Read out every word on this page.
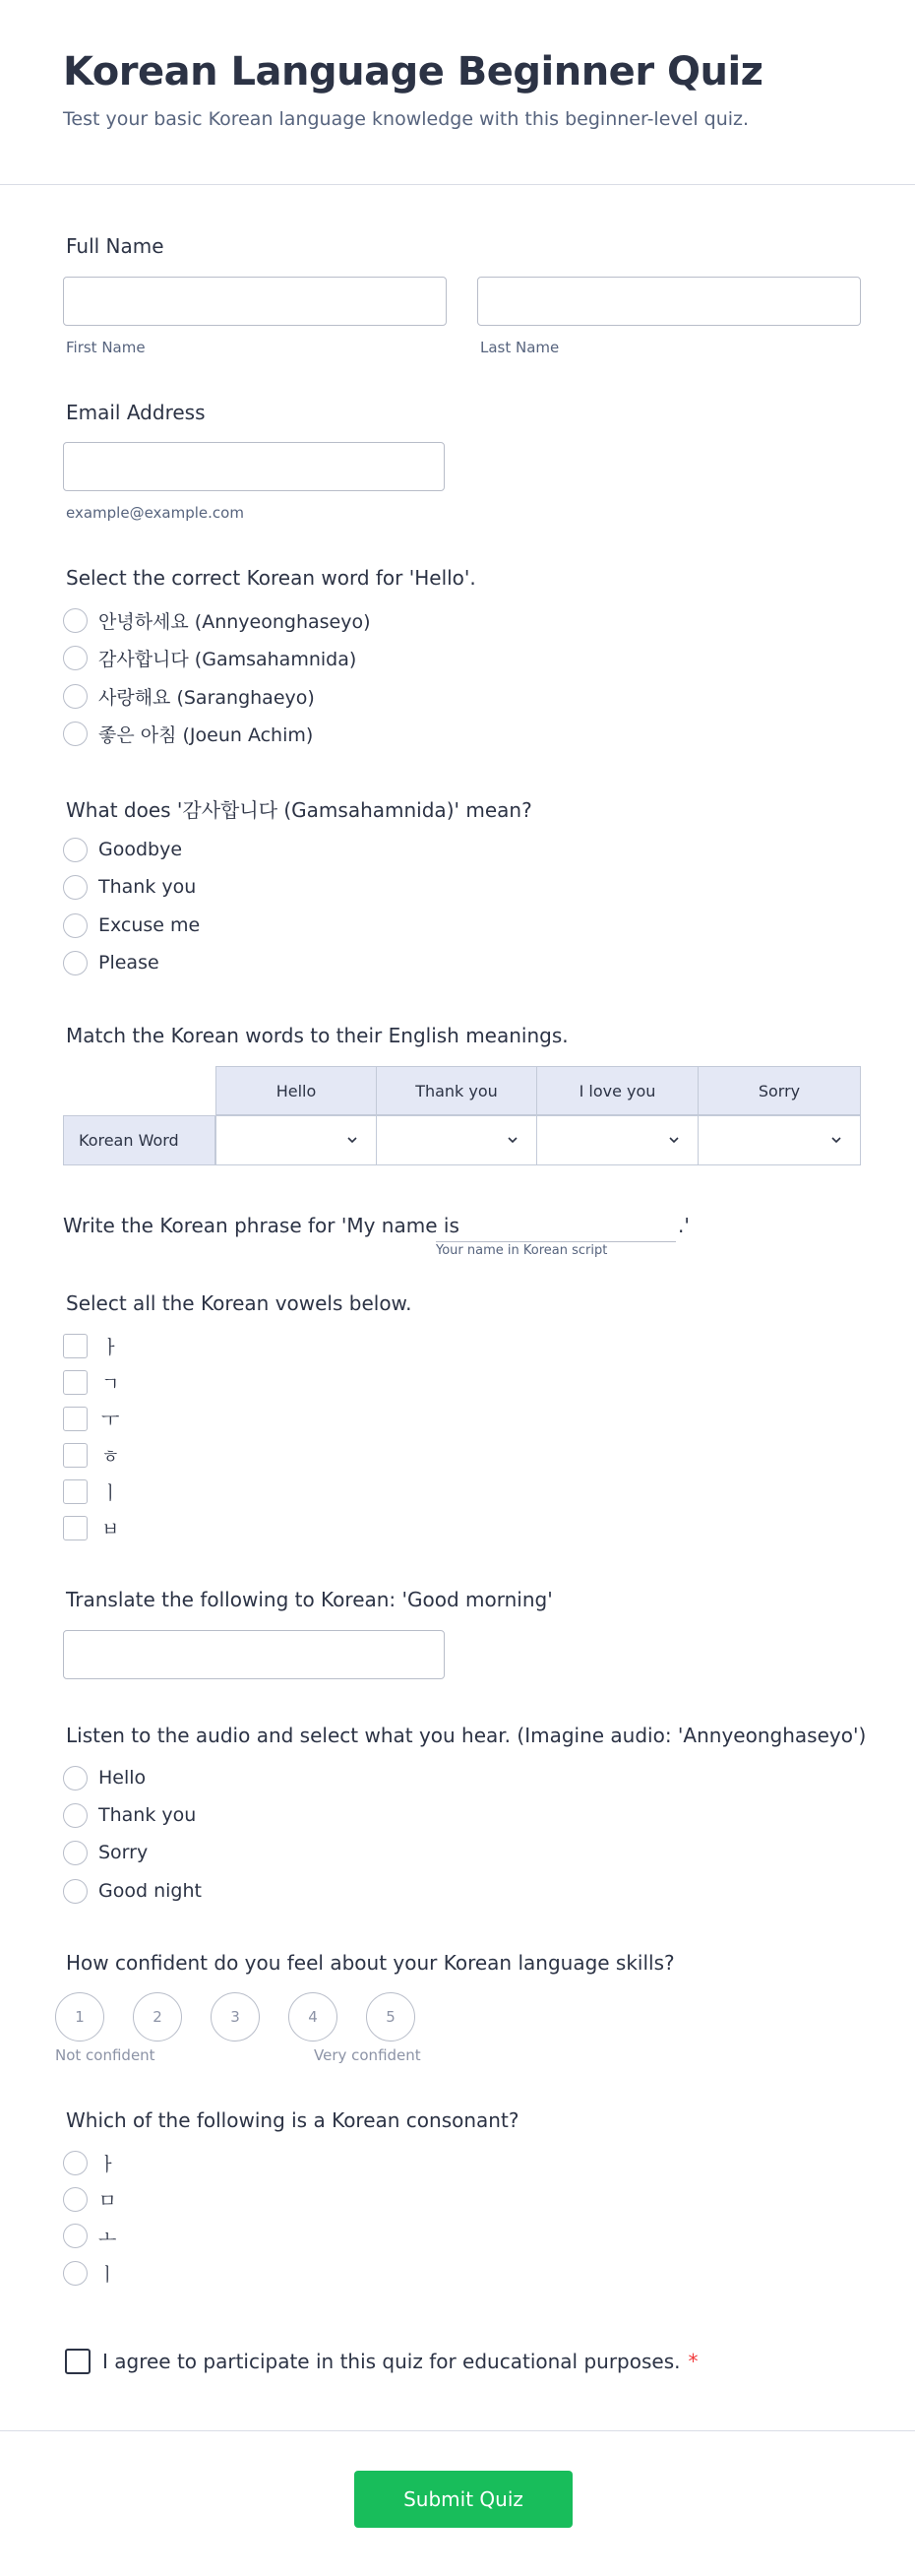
Korean Language Beginner Quiz

Test your basic Korean language knowledge with this beginner-level quiz.

Full Name
First Name	Last Name
Email Address
example@example.com
Select the correct Korean word for 'Hello'.
안녕하세요 (Annyeonghaseyo)
감사합니다 (Gamsahamnida)
사랑해요 (Saranghaeyo)
좋은 아침 (Joeun Achim)
What does '감사합니다 (Gamsahamnida)' mean?
Goodbye
Thank you
Excuse me
Please
Match the Korean words to their English meanings.
Hello	Thank you	I love you	Sorry
Korean Word
Write the Korean phrase for 'My name is	.'
Your name in Korean script
Select all the Korean vowels below.
ㅏ
ㄱ
ㅜ
ㅎ
ㅣ
ㅂ
Translate the following to Korean: 'Good morning'
Listen to the audio and select what you hear. (Imagine audio: 'Annyeonghaseyo')
Hello
Thank you
Sorry
Good night
How confident do you feel about your Korean language skills?
1	2	3	4	5
Not confident	Very confident
Which of the following is a Korean consonant?
ㅏ
ㅁ
ㅗ
ㅣ
I agree to participate in this quiz for educational purposes. *
Submit Quiz
